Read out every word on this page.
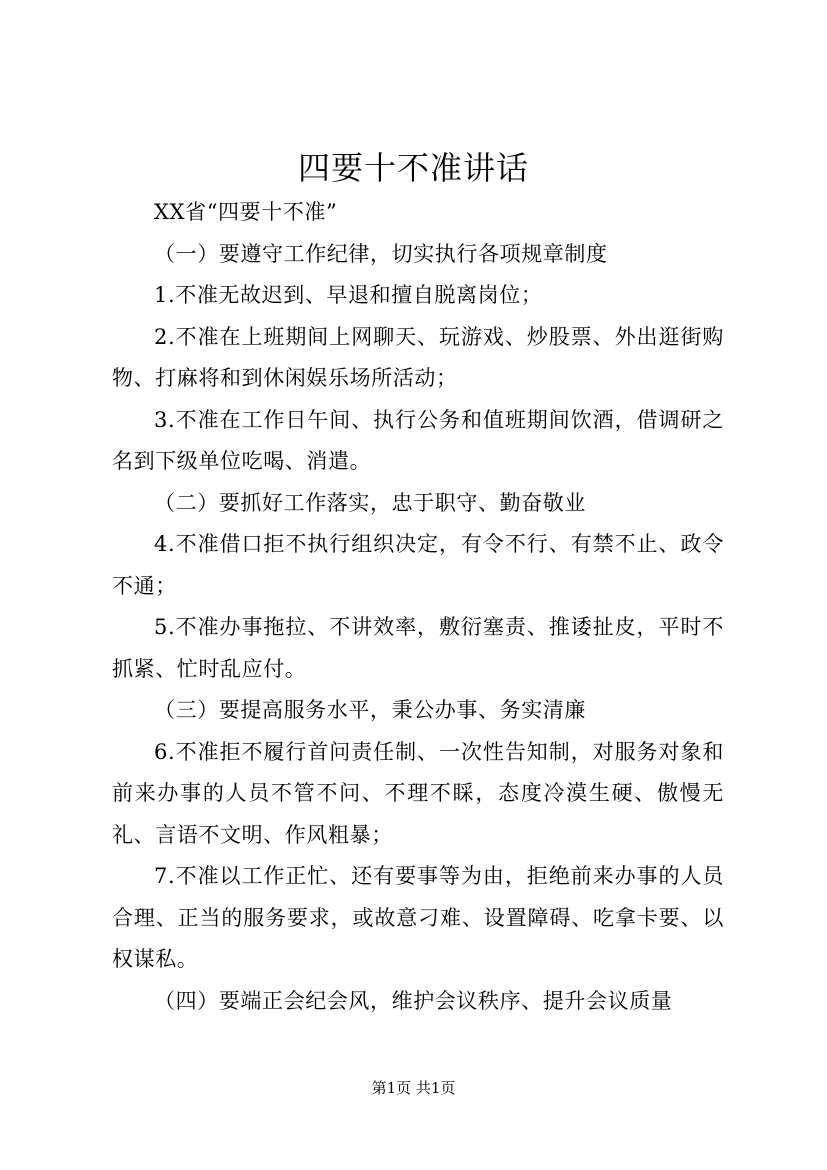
四要十不准讲话

XX省“四要十不准”

（一）要遵守工作纪律，切实执行各项规章制度

1.不准无故迟到、早退和擅自脱离岗位；

2.不准在上班期间上网聊天、玩游戏、炒股票、外出逛街购物、打麻将和到休闲娱乐场所活动；

3.不准在工作日午间、执行公务和值班期间饮酒，借调研之名到下级单位吃喝、消遣。

（二）要抓好工作落实，忠于职守、勤奋敬业

4.不准借口拒不执行组织决定，有令不行、有禁不止、政令不通；

5.不准办事拖拉、不讲效率，敷衍塞责、推诿扯皮，平时不抓紧、忙时乱应付。

（三）要提高服务水平，秉公办事、务实清廉

6.不准拒不履行首问责任制、一次性告知制，对服务对象和前来办事的人员不管不问、不理不睬，态度冷漠生硬、傲慢无礼、言语不文明、作风粗暴；

7.不准以工作正忙、还有要事等为由，拒绝前来办事的人员合理、正当的服务要求，或故意刁难、设置障碍、吃拿卡要、以权谋私。

（四）要端正会纪会风，维护会议秩序、提升会议质量

第1页 共1页
